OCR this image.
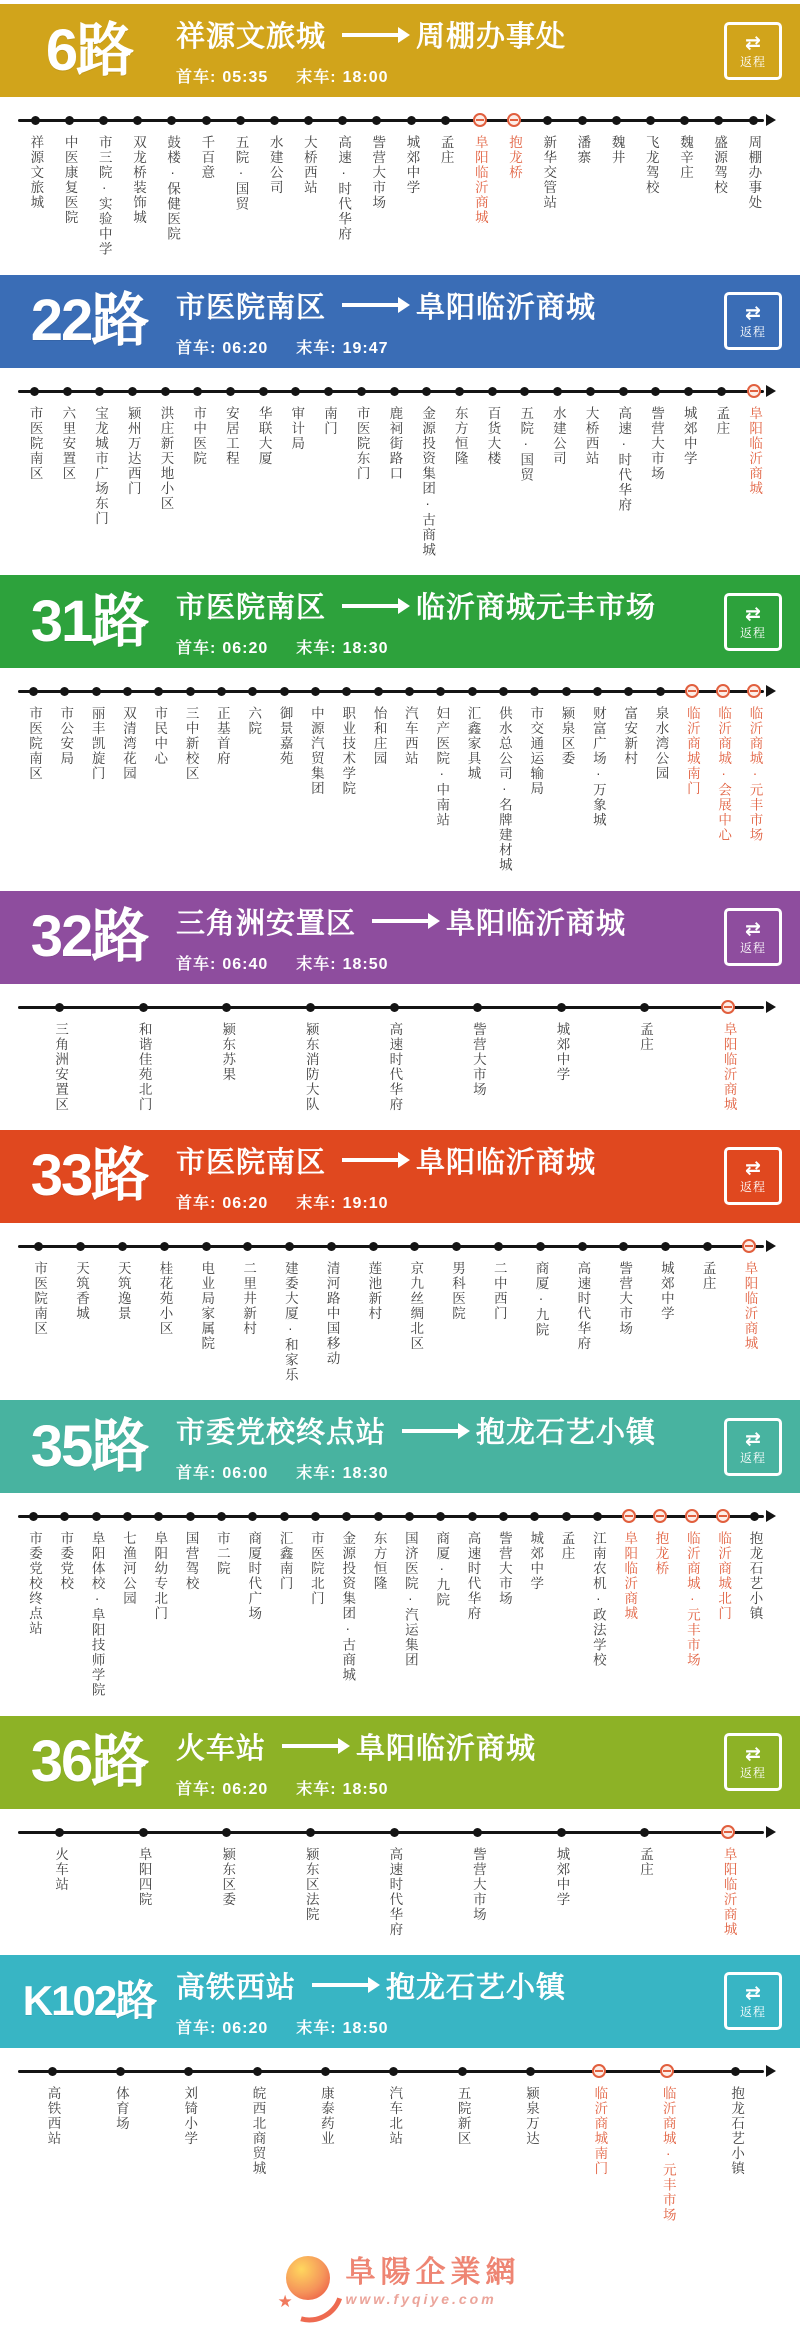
6路	祥源文旅城	周棚办事处
首车: 05:35 末车: 18:00
⇄
返程
祥源文旅城 中医康复医院 市三院·实验中学 双龙桥装饰城 鼓楼·保健医院 千百意 五院·国贸 水建公司 大桥西站 高速·时代华府 訾营大市场 城郊中学 孟庄 阜阳临沂商城 抱龙桥 新华交管站 潘寨 魏井 飞龙驾校 魏辛庄 盛源驾校 周棚办事处
22路 市医院南区	阜阳临沂商城
首车: 06:20 末车: 19:47
⇄
返程
市医院南区 六里安置区 宝龙城市广场东门 颍州万达西门 洪庄新天地小区 市中医院 安居工程 华联大厦 审计局 南门 市医院东门 鹿祠街路口 金源投资集团·古商城 东方恒隆 百货大楼 五院·国贸 水建公司 大桥西站 高速·时代华府 訾营大市场 城郊中学 孟庄 阜阳临沂商城
31路 市医院南区	临沂商城元丰市场
首车: 06:20 末车: 18:30
⇄
返程
市医院南区 市公安局 丽丰凯旋门 双清湾花园 市民中心 三中新校区 正基首府 六院 御景嘉苑 中源汽贸集团 职业技术学院 怡和庄园 汽车西站 妇产医院·中南站 汇鑫家具城 供水总公司·名牌建材城 市交通运输局 颍泉区委 财富广场·万象城 富安新村 泉水湾公园 临沂商城南门 临沂商城·会展中心 临沂商城·元丰市场
32路 三角洲安置区	阜阳临沂商城
首车: 06:40 末车: 18:50
⇄
返程
三角洲安置区	和谐佳苑北门	颍东苏果	颍东消防大队	高速时代华府	訾营大市场	城郊中学	孟庄	阜阳临沂商城
33路 市医院南区	阜阳临沂商城
首车: 06:20 末车: 19:10
⇄
返程
市医院南区 天筑香城 天筑逸景 桂花苑小区 电业局家属院 二里井新村 建委大厦·和家乐 清河路中国移动 莲池新村 京九丝绸北区 男科医院 二中西门 商厦·九院 高速时代华府 訾营大市场 城郊中学 孟庄 阜阳临沂商城
35路 市委党校终点站	抱龙石艺小镇
首车: 06:00 末车: 18:30
⇄
返程
市委党校终点站 市委党校 阜阳体校·阜阳技师学院 七渔河公园 阜阳幼专北门 国营驾校 市二院 商厦时代广场 汇鑫南门 市医院北门 金源投资集团·古商城 东方恒隆 国济医院·汽运集团 商厦·九院 高速时代华府 訾营大市场 城郊中学 孟庄 江南农机·政法学校 阜阳临沂商城 抱龙桥 临沂商城·元丰市场 临沂商城北门 抱龙石艺小镇
36路 火车站	阜阳临沂商城
首车: 06:20 末车: 18:50
⇄
返程
火车站	阜阳四院	颍东区委	颍东区法院	高速时代华府	訾营大市场	城郊中学	孟庄	阜阳临沂商城
K102路 高铁西站	抱龙石艺小镇
首车: 06:20 末车: 18:50
⇄
返程
高铁西站	体育场	刘锜小学	皖西北商贸城	康泰药业	汽车北站	五院新区	颍泉万达	临沂商城南门	临沂商城·元丰市场	抱龙石艺小镇
★
阜陽企業網
www.fyqiye.com
